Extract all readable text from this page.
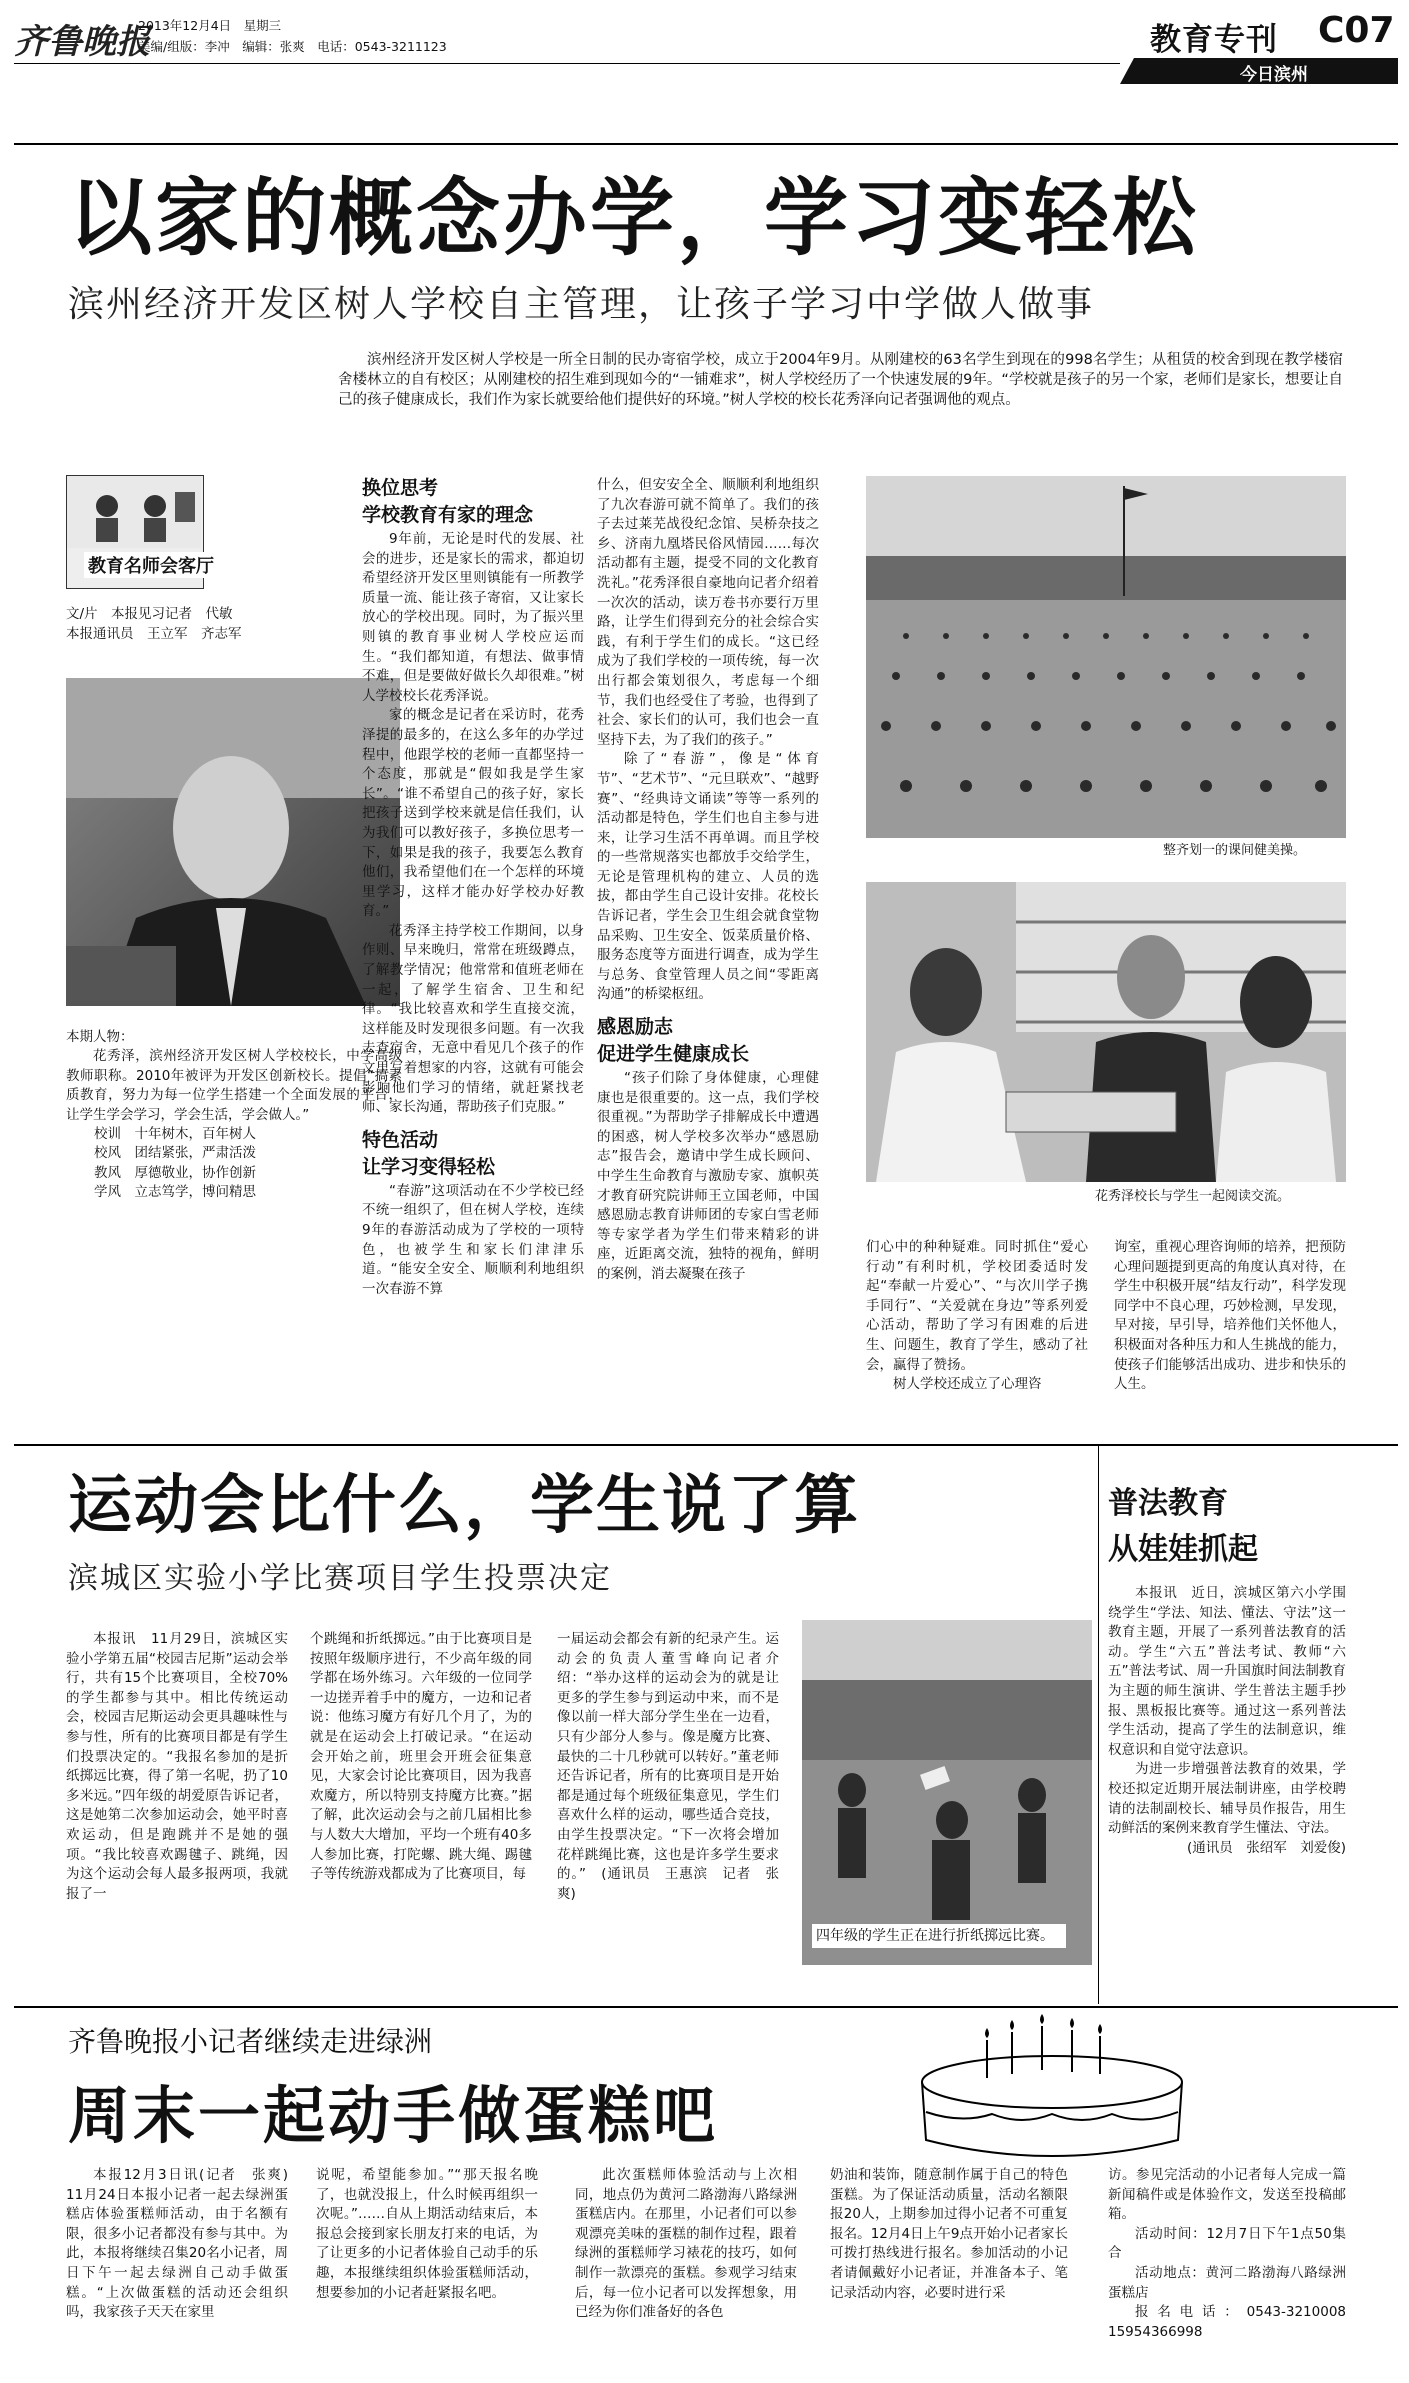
齐鲁晚报
2013年12月4日　星期三
美编/组版：李冲　编辑：张爽　电话：0543-3211123	教育专刊 C07
今日滨州
以家的概念办学，学习变轻松
滨州经济开发区树人学校自主管理，让孩子学习中学做人做事

滨州经济开发区树人学校是一所全日制的民办寄宿学校，成立于2004年9月。从刚建校的63名学生到现在的998名学生；从租赁的校舍到现在教学楼宿舍楼林立的自有校区；从刚建校的招生难到现如今的“一铺难求”，树人学校经历了一个快速发展的9年。“学校就是孩子的另一个家，老师们是家长，想要让自己的孩子健康成长，我们作为家长就要给他们提供好的环境。”树人学校的校长花秀泽向记者强调他的观点。

教育名师会客厅
文/片　本报见习记者　代敏
本报通讯员　王立军　齐志军
本期人物：

花秀泽，滨州经济开发区树人学校校长，中学高级教师职称。2010年被评为开发区创新校长。提倡“搞素质教育，努力为每一位学生搭建一个全面发展的平台，让学生学会学习，学会生活，学会做人。”

校训　十年树木，百年树人
校风　团结紧张，严肃活泼
教风　厚德敬业，协作创新
学风　立志笃学，博问精思
换位思考
学校教育有家的理念

9年前，无论是时代的发展、社会的进步，还是家长的需求，都迫切希望经济开发区里则镇能有一所教学质量一流、能让孩子寄宿，又让家长放心的学校出现。同时，为了振兴里则镇的教育事业树人学校应运而生。“我们都知道，有想法、做事情不难，但是要做好做长久却很难。”树人学校校长花秀泽说。

家的概念是记者在采访时，花秀泽提的最多的，在这么多年的办学过程中，他跟学校的老师一直都坚持一个态度，那就是“假如我是学生家长”。“谁不希望自己的孩子好，家长把孩子送到学校来就是信任我们，认为我们可以教好孩子，多换位思考一下，如果是我的孩子，我要怎么教育他们，我希望他们在一个怎样的环境里学习，这样才能办好学校办好教育。”

花秀泽主持学校工作期间，以身作则、早来晚归，常常在班级蹲点，了解教学情况；他常常和值班老师在一起，了解学生宿舍、卫生和纪律。“我比较喜欢和学生直接交流，这样能及时发现很多问题。有一次我去查宿舍，无意中看见几个孩子的作文里写着想家的内容，这就有可能会影响他们学习的情绪，就赶紧找老师、家长沟通，帮助孩子们克服。”

特色活动
让学习变得轻松

“春游”这项活动在不少学校已经不统一组织了，但在树人学校，连续9年的春游活动成为了学校的一项特色，也被学生和家长们津津乐道。“能安全安全、顺顺利利地组织一次春游不算

什么，但安安全全、顺顺利利地组织了九次春游可就不简单了。我们的孩子去过莱芜战役纪念馆、吴桥杂技之乡、济南九凰塔民俗风情园……每次活动都有主题，提受不同的文化教育洗礼。”花秀泽很自豪地向记者介绍着一次次的活动，读万卷书亦要行万里路，让学生们得到充分的社会综合实践，有利于学生们的成长。“这已经成为了我们学校的一项传统，每一次出行都会策划很久，考虑每一个细节，我们也经受住了考验，也得到了社会、家长们的认可，我们也会一直坚持下去，为了我们的孩子。”

除了“春游”，像是“体育节”、“艺术节”、“元旦联欢”、“越野赛”、“经典诗文诵读”等等一系列的活动都是特色，学生们也自主参与进来，让学习生活不再单调。而且学校的一些常规落实也都放手交给学生，无论是管理机构的建立、人员的选拔，都由学生自己设计安排。花校长告诉记者，学生会卫生组会就食堂物品采购、卫生安全、饭菜质量价格、服务态度等方面进行调查，成为学生与总务、食堂管理人员之间“零距离沟通”的桥梁枢纽。

感恩励志
促进学生健康成长

“孩子们除了身体健康，心理健康也是很重要的。这一点，我们学校很重视。”为帮助学子排解成长中遭遇的困惑，树人学校多次举办“感恩励志”报告会，邀请中学生成长顾问、中学生生命教育与激励专家、旗帜英才教育研究院讲师王立国老师，中国感恩励志教育讲师团的专家白雪老师等专家学者为学生们带来精彩的讲座，近距离交流，独特的视角，鲜明的案例，消去凝聚在孩子

整齐划一的课间健美操。
花秀泽校长与学生一起阅读交流。

们心中的种种疑难。同时抓住“爱心行动”有利时机，学校团委适时发起“奉献一片爱心”、“与次川学子携手同行”、“关爱就在身边”等系列爱心活动，帮助了学习有困难的后进生、问题生，教育了学生，感动了社会，赢得了赞扬。

树人学校还成立了心理咨

询室，重视心理咨询师的培养，把预防心理问题提到更高的角度认真对待，在学生中积极开展“结友行动”，科学发现同学中不良心理，巧妙检测，早发现，早对接，早引导，培养他们关怀他人，积极面对各种压力和人生挑战的能力，使孩子们能够活出成功、进步和快乐的人生。

运动会比什么，学生说了算
滨城区实验小学比赛项目学生投票决定

本报讯　11月29日，滨城区实验小学第五届“校园吉尼斯”运动会举行，共有15个比赛项目，全校70%的学生都参与其中。相比传统运动会，校园吉尼斯运动会更具趣味性与参与性，所有的比赛项目都是有学生们投票决定的。“我报名参加的是折纸掷远比赛，得了第一名呢，扔了10多米远。”四年级的胡爱原告诉记者，这是她第二次参加运动会，她平时喜欢运动，但是跑跳并不是她的强项。“我比较喜欢踢毽子、跳绳，因为这个运动会每人最多报两项，我就报了一

个跳绳和折纸掷远。”由于比赛项目是按照年级顺序进行，不少高年级的同学都在场外练习。六年级的一位同学一边搓弄着手中的魔方，一边和记者说：他练习魔方有好几个月了，为的就是在运动会上打破记录。“在运动会开始之前，班里会开班会征集意见，大家会讨论比赛项目，因为我喜欢魔方，所以特别支持魔方比赛。”据了解，此次运动会与之前几届相比参与人数大大增加，平均一个班有40多人参加比赛，打陀螺、跳大绳、踢毽子等传统游戏都成为了比赛项目，每

一届运动会都会有新的纪录产生。运动会的负责人董雪峰向记者介绍：“举办这样的运动会为的就是让更多的学生参与到运动中来，而不是像以前一样大部分学生坐在一边看，只有少部分人参与。像是魔方比赛、最快的二十几秒就可以转好。”董老师还告诉记者，所有的比赛项目是开始都是通过每个班级征集意见，学生们喜欢什么样的运动，哪些适合竞技，由学生投票决定。“下一次将会增加花样跳绳比赛，这也是许多学生要求的。”　(通讯员　王惠滨　记者　张爽)

四年级的学生正在进行折纸掷远比赛。
普法教育
从娃娃抓起

本报讯　近日，滨城区第六小学围绕学生“学法、知法、懂法、守法”这一教育主题，开展了一系列普法教育的活动。学生“六五”普法考试、教师“六五”普法考试、周一升国旗时间法制教育为主题的师生演讲、学生普法主题手抄报、黑板报比赛等。通过这一系列普法学生活动，提高了学生的法制意识，维权意识和自觉守法意识。

为进一步增强普法教育的效果，学校还拟定近期开展法制讲座，由学校聘请的法制副校长、辅导员作报告，用生动鲜活的案例来教育学生懂法、守法。

(通讯员　张绍军　刘爱俊)
齐鲁晚报小记者继续走进绿洲
周末一起动手做蛋糕吧

本报12月3日讯(记者　张爽)　11月24日本报小记者一起去绿洲蛋糕店体验蛋糕师活动，由于名额有限，很多小记者都没有参与其中。为此，本报将继续召集20名小记者，周日下午一起去绿洲自己动手做蛋糕。“上次做蛋糕的活动还会组织吗，我家孩子天天在家里

说呢，希望能参加。”“那天报名晚了，也就没报上，什么时候再组织一次呢。”……自从上期活动结束后，本报总会接到家长朋友打来的电话，为了让更多的小记者体验自己动手的乐趣，本报继续组织体验蛋糕师活动，想要参加的小记者赶紧报名吧。

此次蛋糕师体验活动与上次相同，地点仍为黄河二路渤海八路绿洲蛋糕店内。在那里，小记者们可以参观漂亮美味的蛋糕的制作过程，跟着绿洲的蛋糕师学习裱花的技巧，如何制作一款漂亮的蛋糕。参观学习结束后，每一位小记者可以发挥想象，用已经为你们准备好的各色

奶油和装饰，随意制作属于自己的特色蛋糕。为了保证活动质量，活动名额限报20人，上期参加过得小记者不可重复报名。12月4日上午9点开始小记者家长可拨打热线进行报名。参加活动的小记者请佩戴好小记者证，并准备本子、笔记录活动内容，必要时进行采

访。参见完活动的小记者每人完成一篇新闻稿件或是体验作文，发送至投稿邮箱。

活动时间：12月7日下午1点50集合

活动地点：黄河二路渤海八路绿洲蛋糕店

报名电话：0543-3210008　15954366998
